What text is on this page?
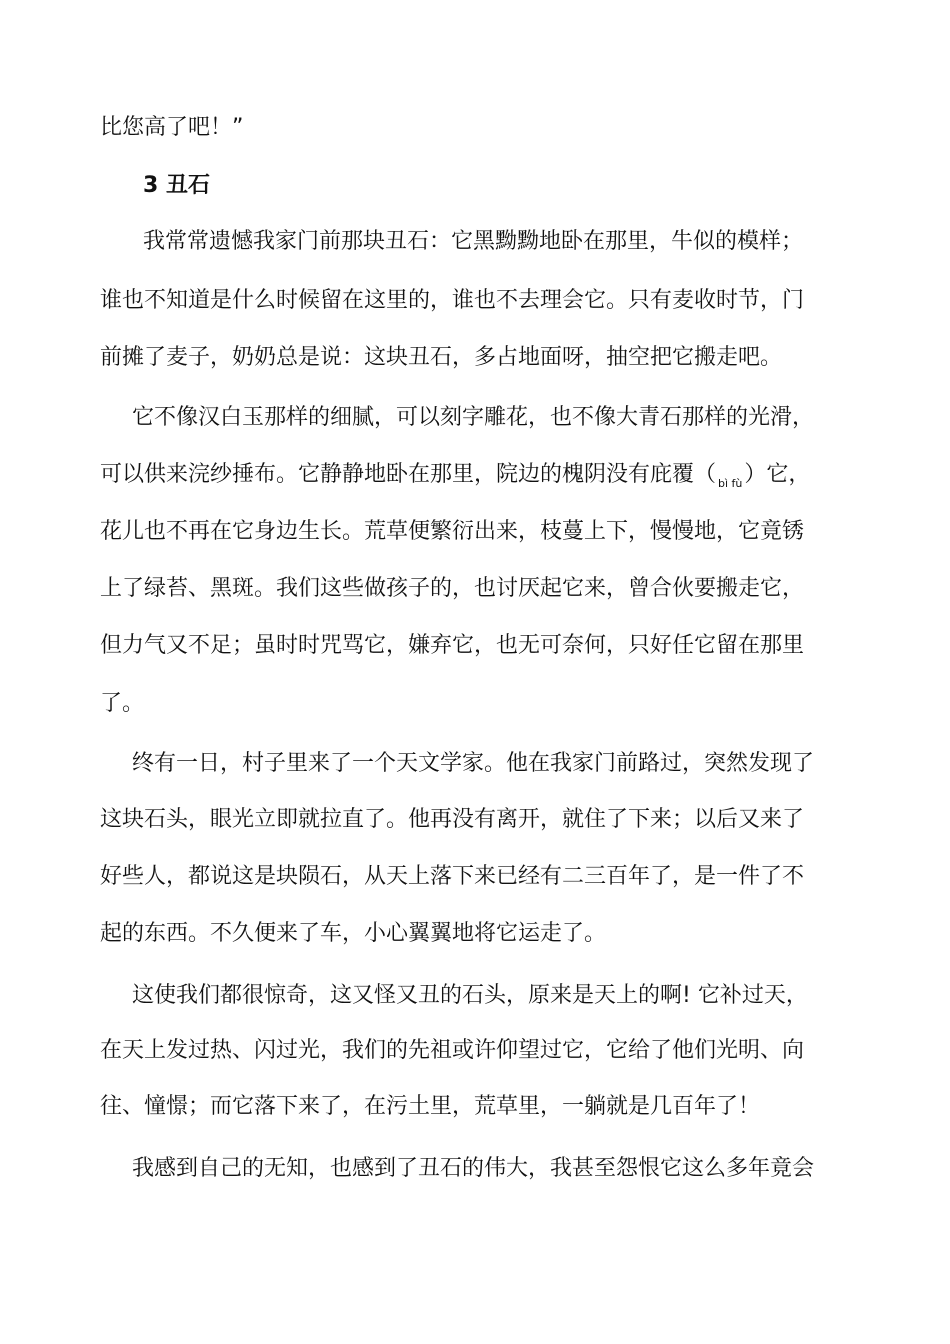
比您高了吧！”
3 丑石
我常常遗憾我家门前那块丑石：它黑黝黝地卧在那里，牛似的模样；
谁也不知道是什么时候留在这里的，谁也不去理会它。只有麦收时节，门
前摊了麦子，奶奶总是说：这块丑石，多占地面呀，抽空把它搬走吧。
它不像汉白玉那样的细腻，可以刻字雕花，也不像大青石那样的光滑，
可以供来浣纱捶布。它静静地卧在那里，院边的槐阴没有庇覆（ $_{bì fù}$）它，
花儿也不再在它身边生长。荒草便繁衍出来，枝蔓上下，慢慢地，它竟锈
上了绿苔、黑斑。我们这些做孩子的，也讨厌起它来，曾合伙要搬走它，
但力气又不足；虽时时咒骂它，嫌弃它，也无可奈何，只好任它留在那里
了。
终有一日，村子里来了一个天文学家。他在我家门前路过，突然发现了
这块石头，眼光立即就拉直了。他再没有离开，就住了下来；以后又来了
好些人，都说这是块陨石，从天上落下来已经有二三百年了，是一件了不
起的东西。不久便来了车，小心翼翼地将它运走了。
这使我们都很惊奇，这又怪又丑的石头，原来是天上的啊! 它补过天，
在天上发过热、闪过光，我们的先祖或许仰望过它，它给了他们光明、向
往、憧憬；而它落下来了，在污土里，荒草里，一躺就是几百年了！
我感到自己的无知，也感到了丑石的伟大，我甚至怨恨它这么多年竟会
